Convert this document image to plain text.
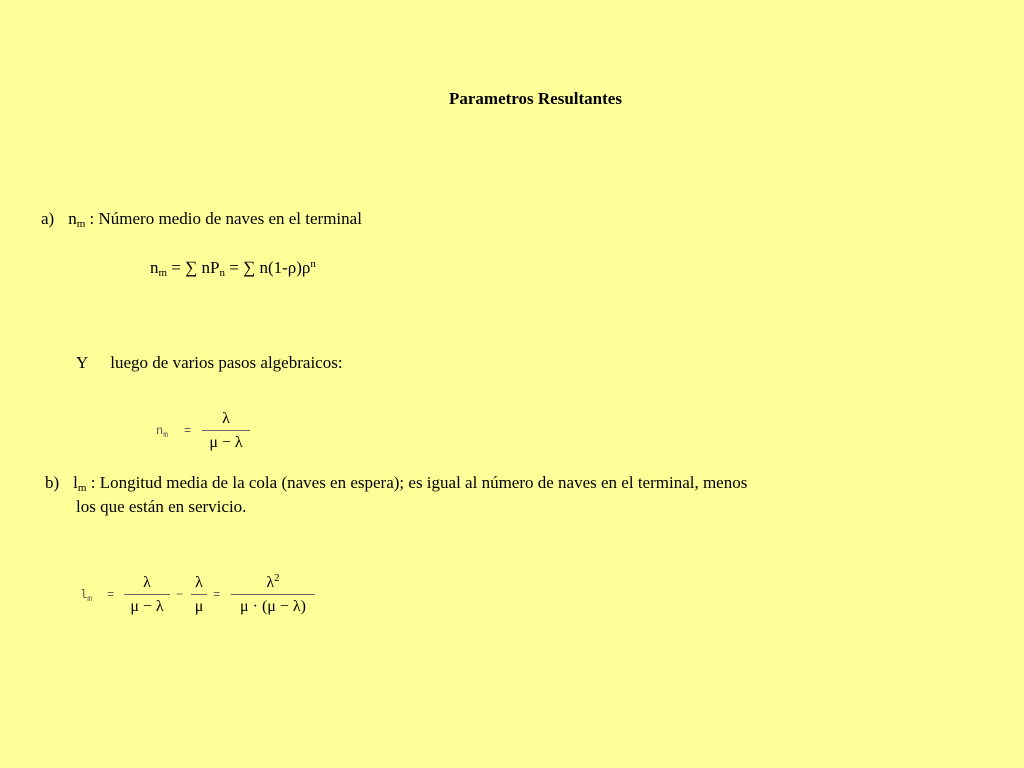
Parametros Resultantes
a) $n_m$ : Número medio de naves en el terminal
$n_m$ = ∑ $nP_n$ = ∑ $n(1-\rho)\rho^n$
Y luego de varios pasos algebraicos:
$n_m$ =
λ
μ − λ
b) $l_m$ : Longitud media de la cola (naves en espera); es igual al número de naves en el terminal, menos
los que están en servicio.
$l_m$ =
λ
μ − λ
−
λ
μ
=
$\lambda^2$
μ · (μ − λ)
